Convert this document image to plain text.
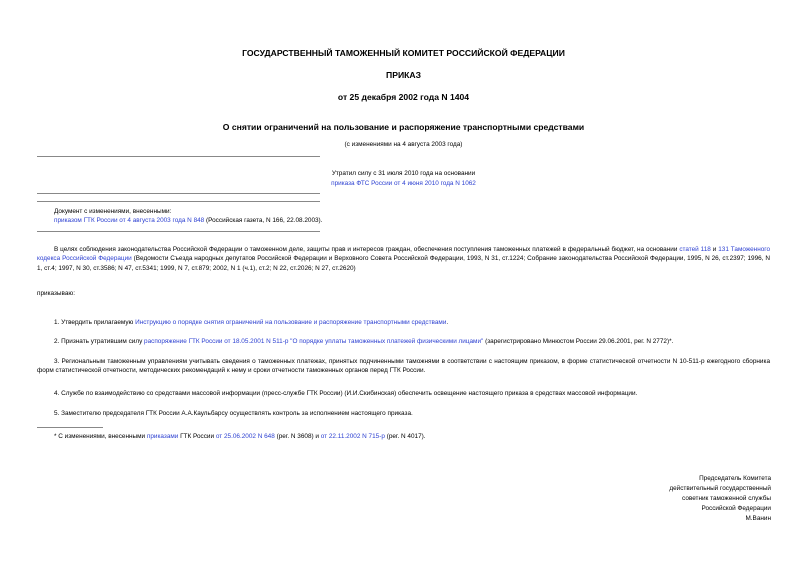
ГОСУДАРСТВЕННЫЙ ТАМОЖЕННЫЙ КОМИТЕТ РОССИЙСКОЙ ФЕДЕРАЦИИ
ПРИКАЗ
от 25 декабря 2002 года N 1404
О снятии ограничений на пользование и распоряжение транспортными средствами
(с изменениями на 4 августа 2003 года)
Утратил силу с 31 июля 2010 года на основании
приказа ФТС России от 4 июня 2010 года N 1062
Документ с изменениями, внесенными:
приказом ГТК России от 4 августа 2003 года N 848 (Российская газета, N 166, 22.08.2003).
В целях соблюдения законодательства Российской Федерации о таможенном деле, защиты прав и интересов граждан, обеспечения поступления таможенных платежей в федеральный бюджет, на основании статей 118 и 131 Таможенного кодекса Российской Федерации (Ведомости Съезда народных депутатов Российской Федерации и Верховного Совета Российской Федерации, 1993, N 31, ст.1224; Собрание законодательства Российской Федерации, 1995, N 26, ст.2397; 1996, N 1, ст.4; 1997, N 30, ст.3586; N 47, ст.5341; 1999, N 7, ст.879; 2002, N 1 (ч.1), ст.2; N 22, ст.2026; N 27, ст.2620)
приказываю:
1. Утвердить прилагаемую Инструкцию о порядке снятия ограничений на пользование и распоряжение транспортными средствами.
2. Признать утратившим силу распоряжение ГТК России от 18.05.2001 N 511-р "О порядке уплаты таможенных платежей физическими лицами" (зарегистрировано Минюстом России 29.06.2001, рег. N 2772)*.
3. Региональным таможенным управлениям учитывать сведения о таможенных платежах, принятых подчиненными таможнями в соответствии с настоящим приказом, в форме статистической отчетности N 10-511-р ежегодного сборника форм статистической отчетности, методических рекомендаций к нему и сроки отчетности таможенных органов перед ГТК России.
4. Службе по взаимодействию со средствами массовой информации (пресс-службе ГТК России) (И.И.Скибинская) обеспечить освещение настоящего приказа в средствах массовой информации.
5. Заместителю председателя ГТК России А.А.Каульбарсу осуществлять контроль за исполнением настоящего приказа.
* С изменениями, внесенными приказами ГТК России от 25.06.2002 N 648 (рег. N 3608) и от 22.11.2002 N 715-р (рег. N 4017).
Председатель Комитета
действительный государственный
советник таможенной службы
Российской Федерации
М.Ванин
